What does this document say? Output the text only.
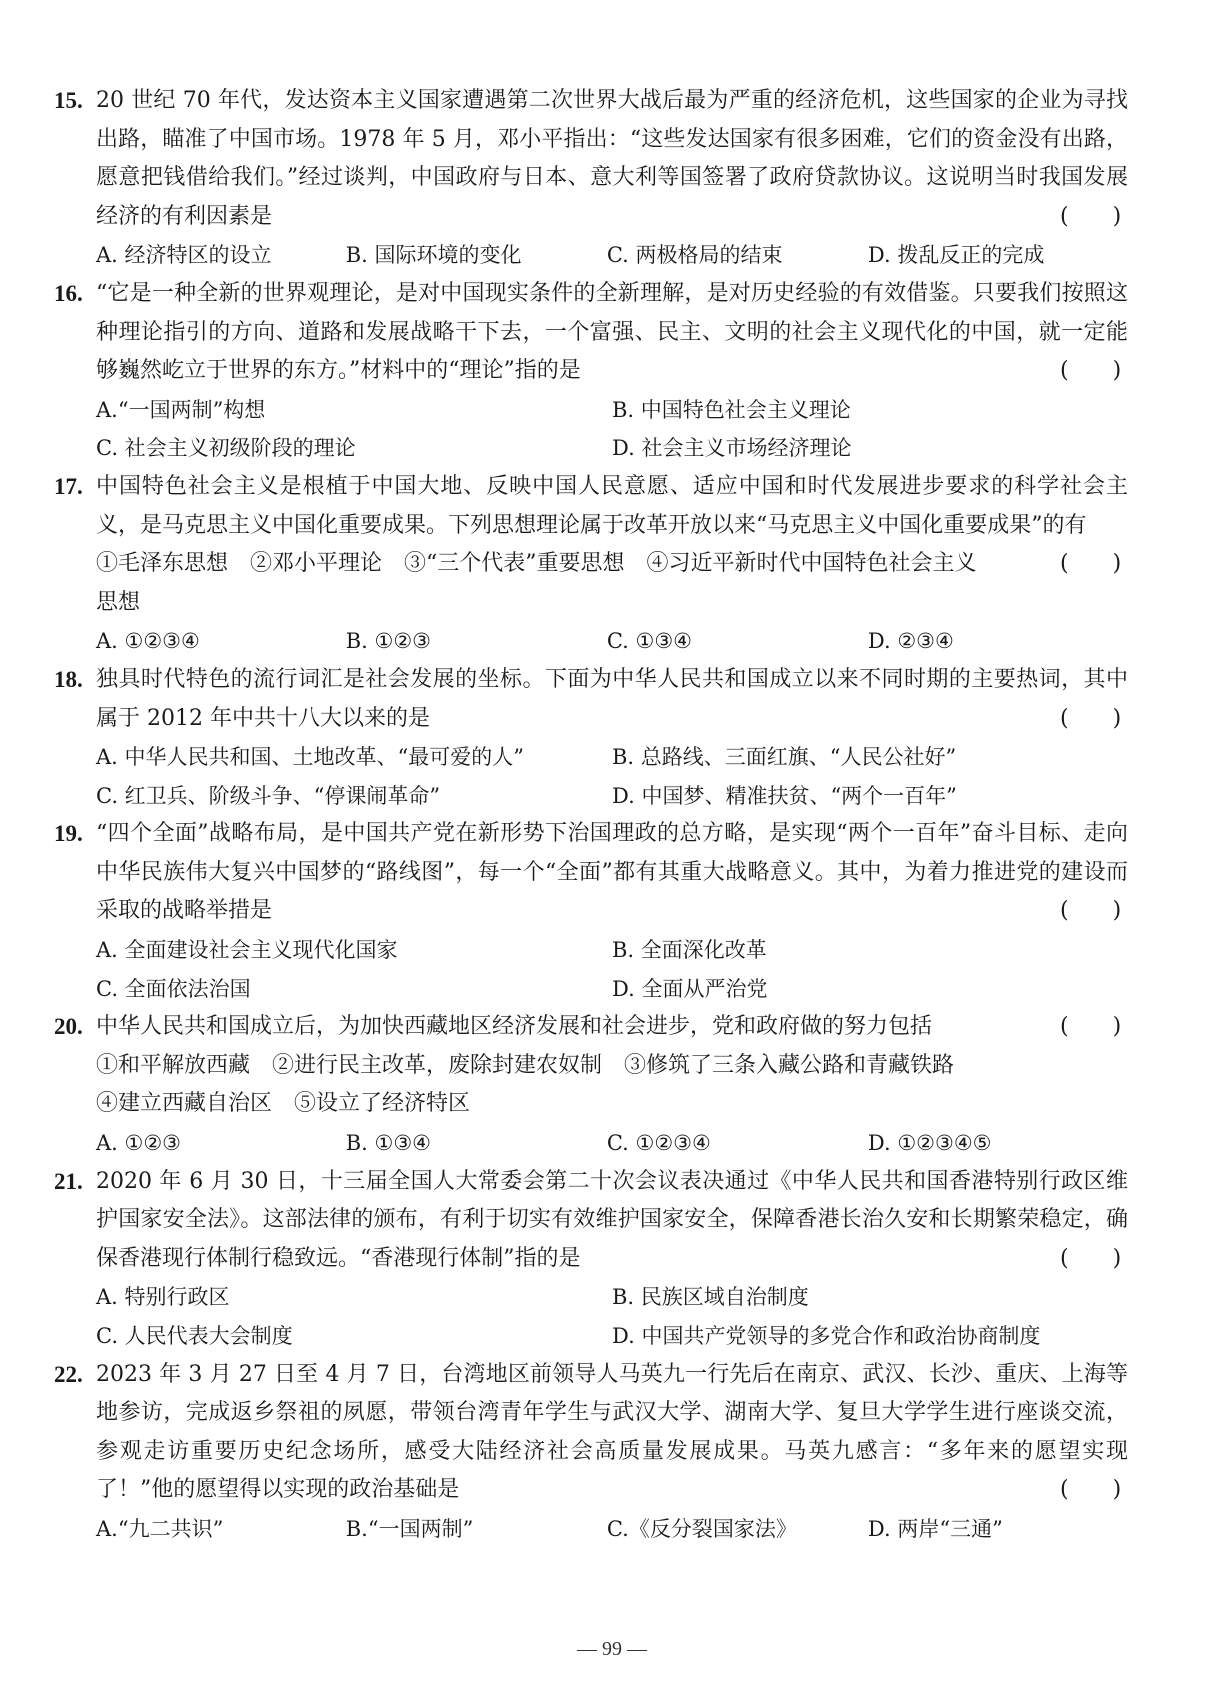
15. 20 世纪 70 年代，发达资本主义国家遭遇第二次世界大战后最为严重的经济危机，这些国家的企业为寻找出路，瞄准了中国市场。1978 年 5 月，邓小平指出：“这些发达国家有很多困难，它们的资金没有出路，愿意把钱借给我们。”经过谈判，中国政府与日本、意大利等国签署了政府贷款协议。这说明当时我国发展经济的有利因素是	(　　)
A. 经济特区的设立	B. 国际环境的变化	C. 两极格局的结束	D. 拨乱反正的完成
16. “它是一种全新的世界观理论，是对中国现实条件的全新理解，是对历史经验的有效借鉴。只要我们按照这种理论指引的方向、道路和发展战略干下去，一个富强、民主、文明的社会主义现代化的中国，就一定能够巍然屹立于世界的东方。”材料中的“理论”指的是	(　　)
A.“一国两制”构想	B. 中国特色社会主义理论
C. 社会主义初级阶段的理论	D. 社会主义市场经济理论
17. 中国特色社会主义是根植于中国大地、反映中国人民意愿、适应中国和时代发展进步要求的科学社会主义，是马克思主义中国化重要成果。下列思想理论属于改革开放以来“马克思主义中国化重要成果”的有
(　　)
①毛泽东思想　②邓小平理论　③“三个代表”重要思想　④习近平新时代中国特色社会主义
思想
A. ①②③④	B. ①②③	C. ①③④	D. ②③④
18. 独具时代特色的流行词汇是社会发展的坐标。下面为中华人民共和国成立以来不同时期的主要热词，其中属于 2012 年中共十八大以来的是	(　　)
A. 中华人民共和国、土地改革、“最可爱的人”	B. 总路线、三面红旗、“人民公社好”
C. 红卫兵、阶级斗争、“停课闹革命”	D. 中国梦、精准扶贫、“两个一百年”
19. “四个全面”战略布局，是中国共产党在新形势下治国理政的总方略，是实现“两个一百年”奋斗目标、走向中华民族伟大复兴中国梦的“路线图”，每一个“全面”都有其重大战略意义。其中，为着力推进党的建设而采取的战略举措是	(　　)
A. 全面建设社会主义现代化国家	B. 全面深化改革
C. 全面依法治国	D. 全面从严治党
20. 中华人民共和国成立后，为加快西藏地区经济发展和社会进步，党和政府做的努力包括	(　　)
①和平解放西藏　②进行民主改革，废除封建农奴制　③修筑了三条入藏公路和青藏铁路
④建立西藏自治区　⑤设立了经济特区
A. ①②③	B. ①③④	C. ①②③④	D. ①②③④⑤
21. 2020 年 6 月 30 日，十三届全国人大常委会第二十次会议表决通过《中华人民共和国香港特别行政区维护国家安全法》。这部法律的颁布，有利于切实有效维护国家安全，保障香港长治久安和长期繁荣稳定，确保香港现行体制行稳致远。“香港现行体制”指的是	(　　)
A. 特别行政区	B. 民族区域自治制度
C. 人民代表大会制度	D. 中国共产党领导的多党合作和政治协商制度
22. 2023 年 3 月 27 日至 4 月 7 日，台湾地区前领导人马英九一行先后在南京、武汉、长沙、重庆、上海等地参访，完成返乡祭祖的夙愿，带领台湾青年学生与武汉大学、湖南大学、复旦大学学生进行座谈交流，参观走访重要历史纪念场所，感受大陆经济社会高质量发展成果。马英九感言：“多年来的愿望实现了！”他的愿望得以实现的政治基础是	(　　)
A.“九二共识”	B.“一国两制”	C.《反分裂国家法》	D. 两岸“三通”
— 99 —
